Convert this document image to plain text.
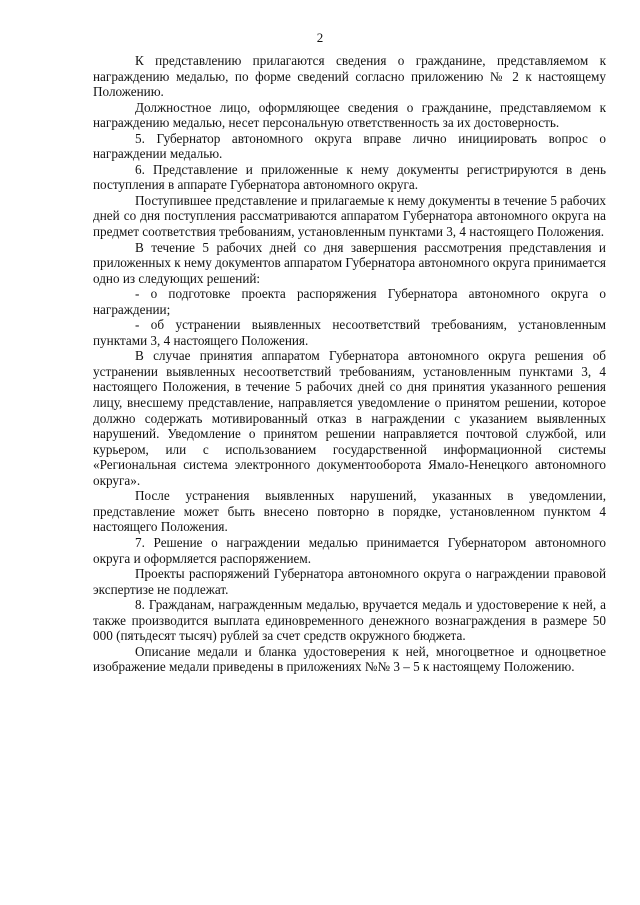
2

К представлению прилагаются сведения о гражданине, представляемом к награждению медалью, по форме сведений согласно приложению № 2 к настоящему Положению.

Должностное лицо, оформляющее сведения о гражданине, представляемом к награждению медалью, несет персональную ответственность за их достоверность.

5. Губернатор автономного округа вправе лично инициировать вопрос о награждении медалью.

6. Представление и приложенные к нему документы регистрируются в день поступления в аппарате Губернатора автономного округа.

Поступившее представление и прилагаемые к нему документы в течение 5 рабочих дней со дня поступления рассматриваются аппаратом Губернатора автономного округа на предмет соответствия требованиям, установленным пунктами 3, 4 настоящего Положения.

В течение 5 рабочих дней со дня завершения рассмотрения представления и приложенных к нему документов аппаратом Губернатора автономного округа принимается одно из следующих решений:

- о подготовке проекта распоряжения Губернатора автономного округа о награждении;

- об устранении выявленных несоответствий требованиям, установленным пунктами 3, 4 настоящего Положения.

В случае принятия аппаратом Губернатора автономного округа решения об устранении выявленных несоответствий требованиям, установленным пунктами 3, 4 настоящего Положения, в течение 5 рабочих дней со дня принятия указанного решения лицу, внесшему представление, направляется уведомление о принятом решении, которое должно содержать мотивированный отказ в награждении с указанием выявленных нарушений. Уведомление о принятом решении направляется почтовой службой, или курьером, или с использованием государственной информационной системы «Региональная система электронного документооборота Ямало-Ненецкого автономного округа».

После устранения выявленных нарушений, указанных в уведомлении, представление может быть внесено повторно в порядке, установленном пунктом 4 настоящего Положения.

7. Решение о награждении медалью принимается Губернатором автономного округа и оформляется распоряжением.

Проекты распоряжений Губернатора автономного округа о награждении правовой экспертизе не подлежат.

8. Гражданам, награжденным медалью, вручается медаль и удостоверение к ней, а также производится выплата единовременного денежного вознаграждения в размере 50 000 (пятьдесят тысяч) рублей за счет средств окружного бюджета.

Описание медали и бланка удостоверения к ней, многоцветное и одноцветное изображение медали приведены в приложениях №№ 3 – 5 к настоящему Положению.
